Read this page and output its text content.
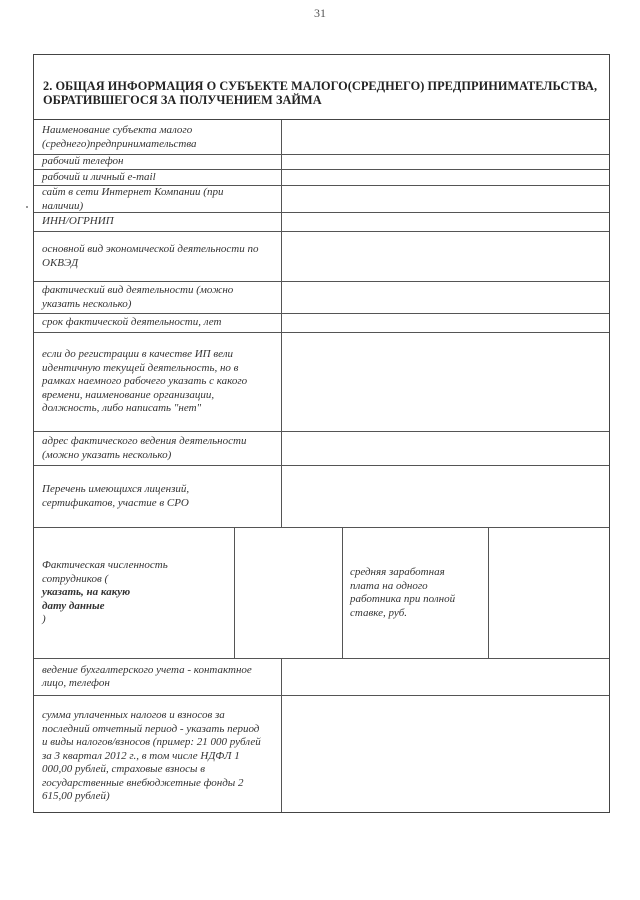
31
2. ОБЩАЯ ИНФОРМАЦИЯ О СУБЪЕКТЕ МАЛОГО(СРЕДНЕГО) ПРЕДПРИНИМАТЕЛЬСТВА,
ОБРАТИВШЕГОСЯ ЗА ПОЛУЧЕНИЕМ ЗАЙМА
Наименование субъекта малого
(среднего)предпринимательства
рабочий телефон
рабочий и личный e-mail
сайт в сети Интернет Компании (при
наличии)
ИНН/ОГРНИП
основной вид экономической деятельности по
ОКВЭД
фактический вид деятельности (можно
указать несколько)
срок фактической деятельности, лет
если до регистрации в качестве ИП вели
идентичную текущей деятельность, но в
рамках наемного рабочего указать с какого
времени, наименование организации,
должность, либо написать "нет"
адрес фактического ведения деятельности
(можно указать несколько)
Перечень имеющихся лицензий,
сертификатов, участие в СРО
Фактическая численность
сотрудников (
указать, на какую
дату данные
)
средняя заработная
плата на одного
работника при полной
ставке, руб.
ведение бухгалтерского учета - контактное
лицо, телефон
сумма уплаченных налогов и взносов за
последний отчетный период - указать период
и виды налогов/взносов (пример: 21 000 рублей
за 3 квартал 2012 г., в том числе НДФЛ 1
000,00 рублей, страховые взносы в
государственные внебюджетные фонды 2
615,00 рублей)
